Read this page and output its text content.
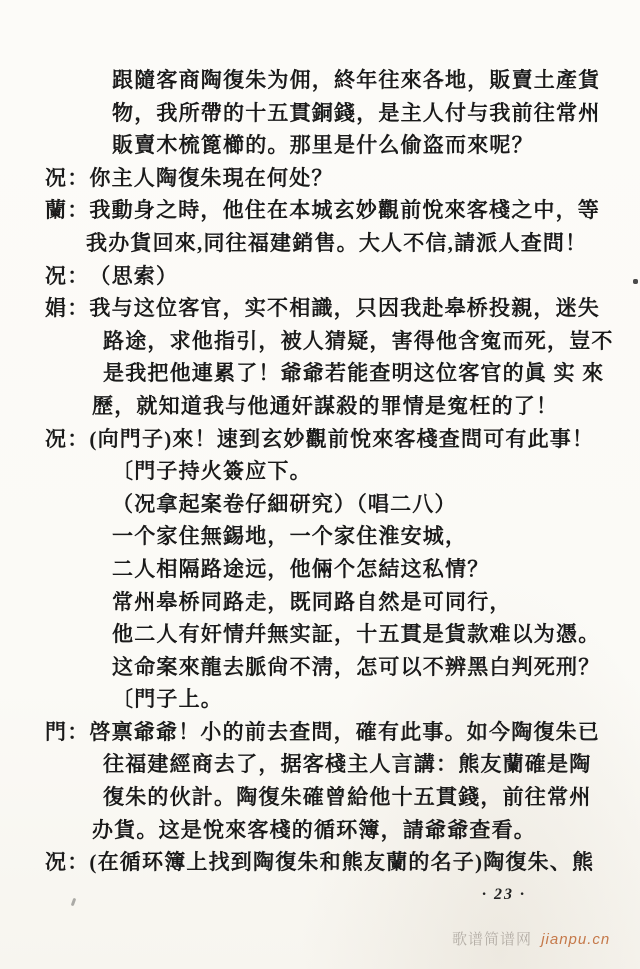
跟隨客商陶復朱为佣，終年往來各地，販賣土產貨
物，我所帶的十五貫銅錢，是主人付与我前往常州
販賣木梳篦櫛的。那里是什么偷盗而來呢？
况：你主人陶復朱現在何处？
蘭：我動身之時，他住在本城玄妙觀前悅來客棧之中，等
我办貨回來,同往福建銷售。大人不信,請派人查問！
况：（思索）
娟：我与这位客官，实不相識，只因我赴皋桥投親，迷失
路途，求他指引，被人猜疑，害得他含寃而死，豈不
是我把他連累了！爺爺若能查明这位客官的眞 实 來
歷，就知道我与他通奸謀殺的罪情是寃枉的了！
况：(向門子)來！速到玄妙觀前悅來客棧查問可有此事！
〔門子持火簽应下。
（况拿起案卷仔細研究）（唱二八）
一个家住無錫地，一个家住淮安城，
二人相隔路途远，他倆个怎結这私情？
常州皋桥同路走，既同路自然是可同行，
他二人有奸情幷無实証，十五貫是貨款难以为憑。
这命案來龍去脈尙不淸，怎可以不辨黑白判死刑？
〔門子上。
門：啓禀爺爺！小的前去查問，確有此事。如今陶復朱已
往福建經商去了，据客棧主人言講：熊友蘭確是陶
復朱的伙計。陶復朱確曾給他十五貫錢，前往常州
办貨。这是悅來客棧的循环簿，請爺爺查看。
况：(在循环簿上找到陶復朱和熊友蘭的名子)陶復朱、熊
· 23 ·
歌谱简谱网 jianpu.cn
